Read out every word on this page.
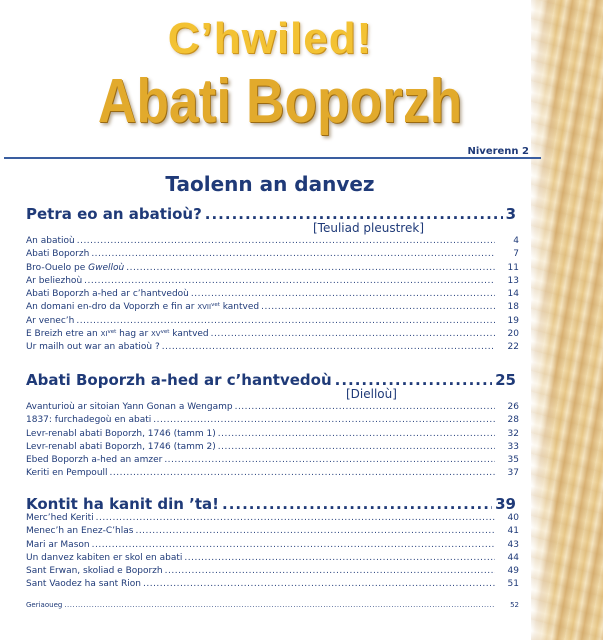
C’hwiled!
Abati Boporzh
Niverenn 2
Taolenn an danvez
Petra eo an abatioù? .....	3
[Teuliad pleustrek]
An abatioù .....	4
Abati Boporzh .....	7
Bro-Ouelo pe Gwelloù .....	11
Ar beliezhoù .....	13
Abati Boporzh a-hed ar c’hantvedoù .....	14
An domani en-dro da Voporzh e fin ar $XVII^{vet}$ kantved .....	18
Ar venec’h .....	19
E Breizh etre an $XI^{vet}$ hag ar $XV^{vet}$ kantved .....	20
Ur mailh out war an abatioù ? .....	22
Abati Boporzh a-hed ar c’hantvedoù .....	25
[Dielloù]
Avanturioù ar sitoian Yann Gonan a Wengamp .....	26
1837: furchadegoù en abati .....	28
Levr-renabl abati Boporzh, 1746 (tamm 1) .....	32
Levr-renabl abati Boporzh, 1746 (tamm 2) .....	33
Ebed Boporzh a-hed an amzer .....	35
Keriti en Pempoull .....	37
Kontit ha kanit din ’ta! .....	39
Merc’hed Keriti .....	40
Menec’h an Enez-C’hlas .....	41
Mari ar Mason .....	43
Un danvez kabiten er skol en abati .....	44
Sant Erwan, skoliad e Boporzh .....	49
Sant Vaodez ha sant Rion .....	51
Geriaoueg .....	52
